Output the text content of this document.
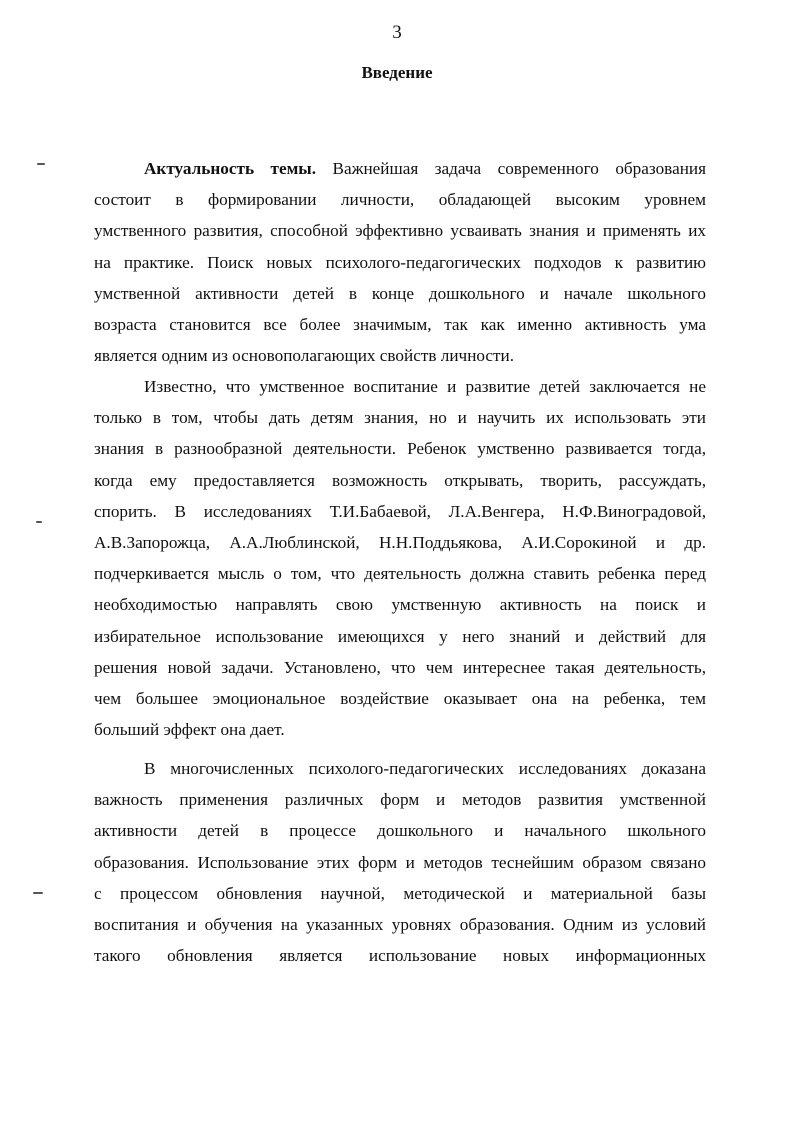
3
Введение
Актуальность темы. Важнейшая задача современного образования
состоит в формировании личности, обладающей высоким уровнем
умственного развития, способной эффективно усваивать знания и применять их
на практике. Поиск новых психолого-педагогических подходов к развитию
умственной активности детей в конце дошкольного и начале школьного
возраста становится все более значимым, так как именно активность ума
является одним из основополагающих свойств личности.
Известно, что умственное воспитание и развитие детей заключается не
только в том, чтобы дать детям знания, но и научить их использовать эти
знания в разнообразной деятельности. Ребенок умственно развивается тогда,
когда ему предоставляется возможность открывать, творить, рассуждать,
спорить. В исследованиях Т.И.Бабаевой, Л.А.Венгера, Н.Ф.Виноградовой,
А.В.Запорожца, А.А.Люблинской, Н.Н.Поддьякова, А.И.Сорокиной и др.
подчеркивается мысль о том, что деятельность должна ставить ребенка перед
необходимостью направлять свою умственную активность на поиск и
избирательное использование имеющихся у него знаний и действий для
решения новой задачи. Установлено, что чем интереснее такая деятельность,
чем большее эмоциональное воздействие оказывает она на ребенка, тем
больший эффект она дает.
В многочисленных психолого-педагогических исследованиях доказана
важность применения различных форм и методов развития умственной
активности детей в процессе дошкольного и начального школьного
образования. Использование этих форм и методов теснейшим образом связано
с процессом обновления научной, методической и материальной базы
воспитания и обучения на указанных уровнях образования. Одним из условий
такого обновления является использование новых информационных
